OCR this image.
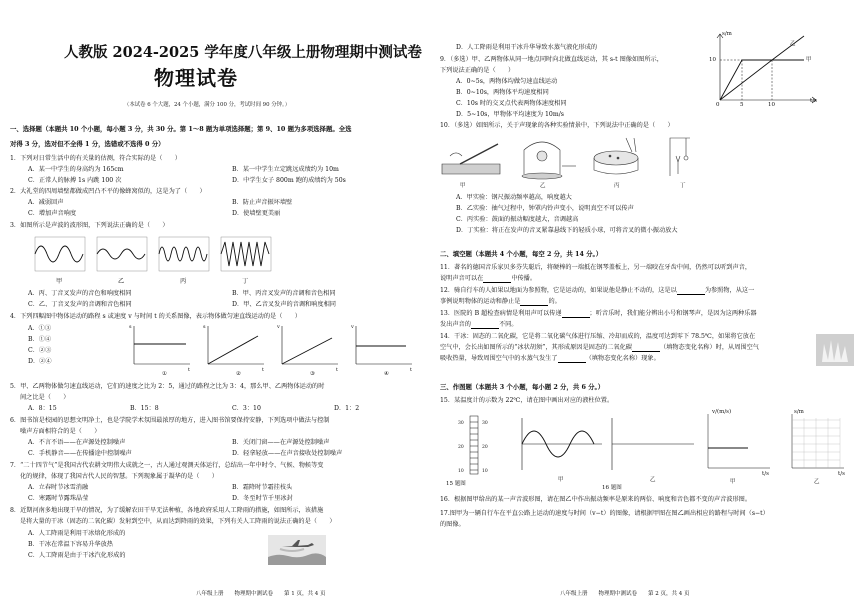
人教版 2024-2025 学年度八年级上册物理期中测试卷
物理试卷
（本试卷 6 个大题，24 个小题，满分 100 分，考试时间 90 分钟。）
一、选择题（本题共 10 个小题，每小题 3 分，共 30 分。第 1～8 题为单项选择题；第 9、10 题为多项选择题。全选
对得 3 分，选对但不全得 1 分，选错或不选得 0 分）
1．下列对日常生活中的有关量的估测，符合实际的是（　　）
A．某一中学生的身高约为 165cm	B．某一中学生立定跳远成绩约为 10m
C．正常人的脉搏 1s 内跳 100 次	D．中学生女子 800m 跑的成绩约为 50s
2．大礼堂的四周墙壁都做成凹凸不平的像蜂窝似的，这是为了（　　）
A．减弱回声	B．防止声音振坏墙壁
C．增加声音响度	D．使墙壁更美丽
3．如图所示是声波的波形图，下列说法正确的是（　　）
甲	乙	丙	丁
A．丙、丁音叉发声的音色和响度相同	B．甲、丙音叉发声的音调和音色相同
C．乙、丁音叉发声的音调和音色相同	D．甲、乙音叉发声的音调和响度相同
4．下列四幅图中物体运动的路程 s 或速度 v 与时间 t 的关系图像，表示物体做匀速直线运动的是（　　）
A．①③
B．①④
C．②③
D．②④
s
t
s
t
v
t
v
t
①	②	③	④
5．甲、乙两物体做匀速直线运动，它们的速度之比为 2：5，通过的路程之比为 3：4，那么甲、乙两物体运动的时
间之比是（　　）
A．8：15	B．15：8	C．3：10	D．1：2
6．图书馆是校园的思想文明净土，也是学院学术氛围最浓厚的地方，进入图书馆要保持安静，下列选项中做法与控制
噪声方面相符合的是（　　）
A．不言不语——在声源处控制噪声	B．关闭门窗——在声源处控制噪声
C．手机静音——在传播途中控制噪声	D．轻拿轻放——在声音接收处控制噪声
7．“二十四节气”是我国古代农耕文明伟大成就之一，古人通过观测天体运行，总结出一年中时令、气候、物候等变
化的规律，体现了我国古代人民的智慧。下列现象属于凝华的是（　　）
A．立春时节冰雪消融	B．霜降时节霜挂枝头
C．寒露时节露珠晶莹	D．冬至时节千里冰封
8．近期河南多地出现干旱的情况，为了缓解农田干旱无法种植，各地政府采用人工降雨的措施，如图所示，该措施
是将大量的干冰（固态的二氧化碳）发射到空中，从而达到降雨的效果，下列有关人工降雨的说法正确的是（　　）
A．人工降雨是利用干冰熔化形成的
B．干冰在常温下容易升华放热
C．人工降雨是由于干冰汽化形成的
八年级上册　　物理期中测试卷　　第 1 页，共 4 页
D．人工降雨是利用干冰升华导致水蒸气液化形成的
9．（多选）甲、乙两物体从同一地点同时向北做直线运动，其 s-t 图像如图所示，
下列说法正确的是（　　）
A．0~5s，两物体均做匀速直线运动
B．0~10s，两物体平均速度相同
C．10s 时的交叉点代表两物体速度相同
D．5~10s，甲物体平均速度为 10m/s
s/m
t/s
10
0	5	10
甲
乙
10．（多选）如图所示，关于声现象的各种实验情景中，下列说法中正确的是（　　）
甲	乙	丙	丁
A．甲实验：钢尺振动频率越高，响度越大
B．乙实验：抽气过程中，钟罩内铃声变小，说明真空不可以传声
C．丙实验：鼓面的振动幅度越大，音调越高
D．丁实验：将正在发声的音叉紧靠悬线下的轻质小球，可将音叉的微小振动放大
二、填空题（本题共 4 个小题，每空 2 分，共 14 分。）
11．著名的德国音乐家贝多芬失聪后，将硬棒的一端抵在钢琴盖板上，另一端咬在牙齿中间，仍然可以听到声音，
说明声音可以在	中传播。
12．骑自行车的人如果以地面为参照物，它是运动的，如果说他是静止不动的，这是以	为参照物，从这一
事例说明物体的运动和静止是	的。
13．医院的 B 超检查病情是利用声可以传递	；听音乐时，我们能分辨出小号和钢琴声，是因为这两种乐器
发出声音的	不同。
14．干冰：固态的二氧化碳，它是将二氧化碳气体进行压缩、冷却而成的，温度可达到零下 78.5℃，如果将它放在
空气中，会长出如图所示的“冰状胡须”，其形成原因是固态的二氧化碳	（填物态变化名称）时，从周围空气
吸收热量，导致周围空气中的水蒸气发生了	（填物态变化名称）现象。
三、作图题（本题共 3 个小题，每小题 2 分，共 6 分。）
15．某温度计的示数为 22℃，请在图中画出对应的液柱位置。
30
20
10
30
20
10
15 题图
甲	乙
16 题图
v/(m/s)
t/s
s/m
t/s
甲	乙
16．根据图甲给出的某一声音波形图，请在图乙中作出振动频率是原来的两倍、响度和音色都不变的声音波形图。
17.图甲为一辆自行车在平直公路上运动的速度与时间（v−t）的图像，请根据甲图在图乙画出相应的路程与时间（s−t）
的图像。
八年级上册　　物理期中测试卷　　第 2 页，共 4 页
